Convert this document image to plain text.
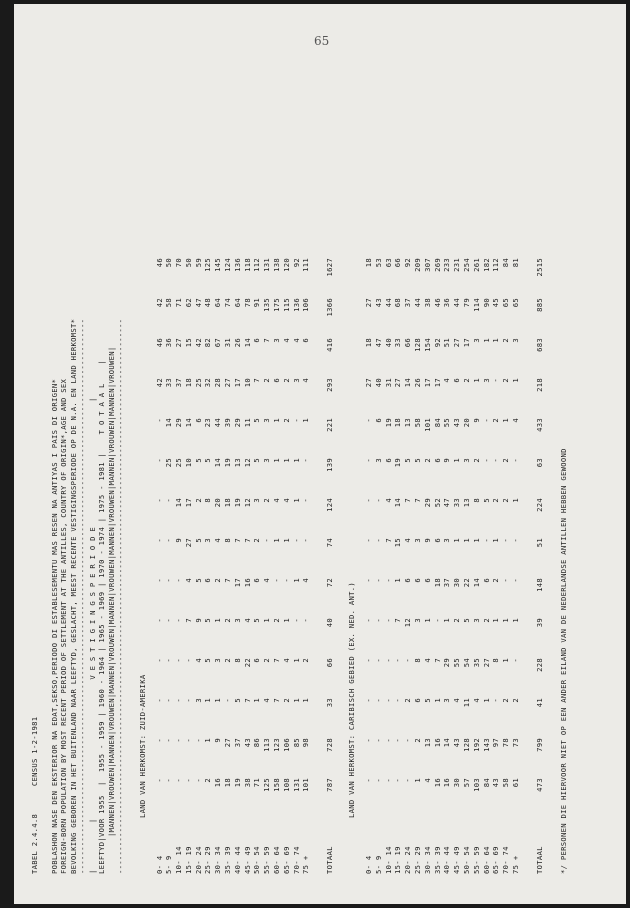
65
TABEL 2.4.4.8      CENSUS 1-2-1981 POBLASHON NASE DEN EKSTERIOR NA EDAT,SEKSO,PERIODO DI ESTABLESEMENTU MAS RESEN NA ANTIYAS I PAIS DI ORIGEN* FOREIGN-BORN POPULATION BY MOST RECENT PERIOD OF SETTLEMENT AT THE ANTILLES, COUNTRY OF ORIGIN*,AGE AND SEX BEVOLKING GEBOREN IN HET BUITENLAND NAAR LEEFTYD, GESLACHT, MEEST RECENTE VESTIGINGSPERIODE OP DE N.A. EN LAND HERKOMST* ------------------------------------------------------------------------------------------------------------------------ |          |                              V E S T I G I N G S P E R I O D E                           |
LEEFTYD|VOOR 1955  |  1955 - 1959 | 1960 - 1964 | 1965 - 1969 | 1970 - 1974 | 1975 - 1981 |    T O T A A L    | |MANNEN|VROUWEN|MANNEN|VROUWEN|MANNEN|VROUWEN|MANNEN|VROUWEN|MANNEN|VROUWEN|MANNEN|VROUWEN|MANNEN|VROUWEN| ------------------------------------------------------------------------------------------------------------------------ LAND VAN HERKOMST: ZUID-AMERIKA
0- 4	-	-	-	-	-	-	-	-	-	-	42	46	42	46
5- 9	-	-	-	-	-	-	-	-	25	14	33	36	58	50
10- 14	-	-	-	-	-	-	9	14	25	29	37	27	71	70
15- 19	-	-	-	-	7	4	27	17	10	14	18	15	62	50
20- 24	-	-	3	4	9	5	5	2	5	6	25	42	47	59
25- 29	2	1	1	5	5	6	3	8	5	23	32	82	48	125
30- 34	16	9	1	3	1	2	4	20	14	44	28	67	64	145
35- 39	18	27	-	2	2	7	8	18	19	39	27	31	74	124
40- 44	19	37	5	8	3	17	7	19	13	29	17	26	64	136
45- 49	38	43	7	22	4	16	7	12	12	11	10	14	78	118
50- 54	71	86	1	6	5	6	2	3	5	5	7	6	91	112
55- 59	125	113	4	2	1	4	-	2	3	3	2	7	135	131
60- 64	158	123	7	7	2	-	1	4	1	1	6	3	175	138
65- 69	108	106	2	4	1	-	1	4	1	2	2	4	115	120
70- 74	131	85	1	1	-	1	-	1	1	-	3	4	136	92
75 +	101	98	1	2	-	4	-	-	-	1	4	6	106	111

TOTAAL	787	728	33	66	40	72	74	124	139	221	293	416	1366	1627
LAND VAN HERKOMST: CARIBISCH GEBIED (EX. NED. ANT.)
0- 4	-	-	-	-	-	-	-	-	-	-	27	18	27	18
5- 9	-	-	-	-	-	-	-	-	3	6	40	47	43	53
10- 14	-	-	-	-	-	-	7	4	6	19	31	40	44	63
15- 19	-	-	-	-	7	1	15	14	19	18	27	33	68	66
20- 24	-	-	2	-	12	6	4	7	5	13	14	66	37	92
25- 29	1	2	6	8	3	6	3	7	5	58	26	128	44	209
30- 34	4	13	5	4	1	6	9	29	2	101	17	154	38	307
35- 39	16	16	1	7	-	18	6	52	6	84	17	92	46	269
40- 44	16	14	3	29	1	37	3	47	9	55	4	51	36	233
45- 49	30	43	4	55	2	30	1	33	1	43	6	27	44	231
50- 54	57	128	11	54	5	22	1	13	3	20	2	17	79	254
55- 59	103	192	4	35	3	14	1	8	2	9	1	3	114	261
60- 64	84	143	1	27	2	6	-	5	-	-	3	1	90	182
65- 69	43	97	-	8	1	2	1	2	-	2	-	1	45	112
70- 74	58	78	2	1	1	-	-	2	2	1	2	2	65	84
75 +	61	73	2	-	1	-	-	1	-	4	1	3	65	81

TOTAAL	473	799	41	228	39	148	51	224	63	433	218	683	885	2515
*/ PERSONEN DIE HIERVOOR NIET OP EEN ANDER EILAND VAN DE NEDERLANDSE ANTILLEN HEBBEN GEWOOND
